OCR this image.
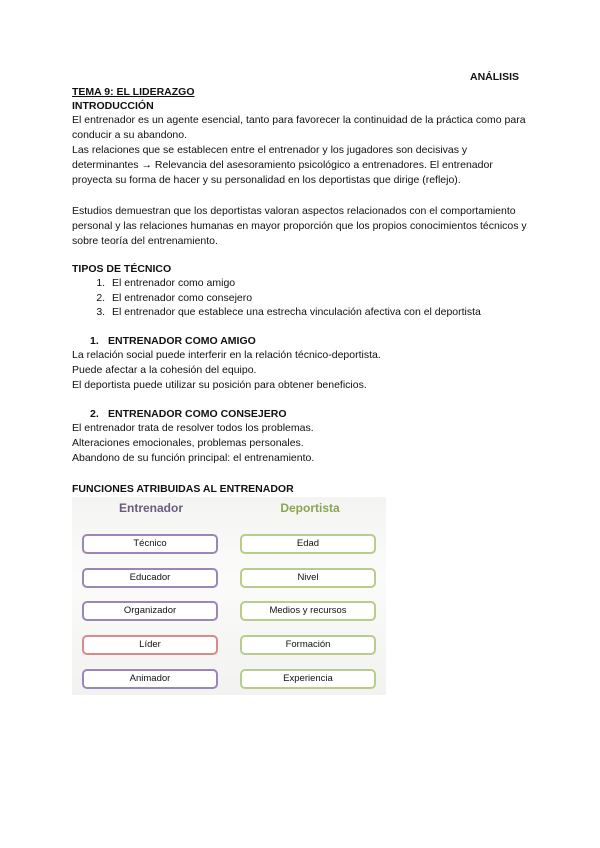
ANÁLISIS
TEMA 9: EL LIDERAZGO
INTRODUCCIÓN

El entrenador es un agente esencial, tanto para favorecer la continuidad de la práctica como para conducir a su abandono.

Las relaciones que se establecen entre el entrenador y los jugadores son decisivas y determinantes → Relevancia del asesoramiento psicológico a entrenadores. El entrenador proyecta su forma de hacer y su personalidad en los deportistas que dirige (reflejo).

Estudios demuestran que los deportistas valoran aspectos relacionados con el comportamiento personal y las relaciones humanas en mayor proporción que los propios conocimientos técnicos y sobre teoría del entrenamiento.
TIPOS DE TÉCNICO
1. El entrenador como amigo
2. El entrenador como consejero
3. El entrenador que establece una estrecha vinculación afectiva con el deportista
1. ENTRENADOR COMO AMIGO
La relación social puede interferir en la relación técnico-deportista.
Puede afectar a la cohesión del equipo.
El deportista puede utilizar su posición para obtener beneficios.
2. ENTRENADOR COMO CONSEJERO
El entrenador trata de resolver todos los problemas.
Alteraciones emocionales, problemas personales.
Abandono de su función principal: el entrenamiento.
FUNCIONES ATRIBUIDAS AL ENTRENADOR
Entrenador	Deportista
Técnico
Educador
Organizador
Líder
Animador
Edad
Nivel
Medios y recursos
Formación
Experiencia
